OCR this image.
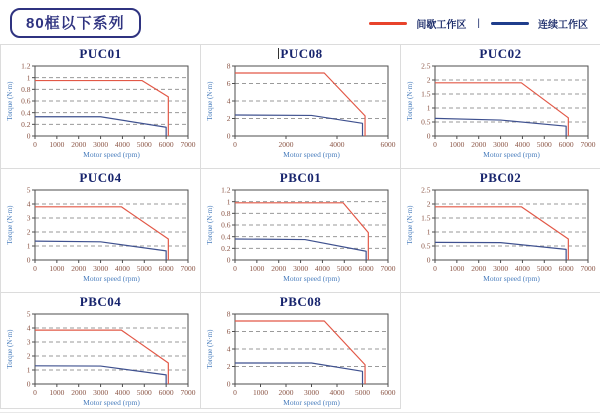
80框以下系列	间歇工作区 |	连续工作区
PUC01
0
0.2
0.4
0.6
0.8
1
1.2
0 1000 2000 3000 4000 5000 6000 7000
Motor speed (rpm)
Torque (N·m)
PUC08
0
2
4
6
8
0	2000	4000	6000
Motor speed (rpm)
Torque (N·m)
PUC02
0
0.5
1
1.5
2
2.5
0 1000 2000 3000 4000 5000 6000 7000
Motor speed (rpm)
Torque (N·m)
PUC04
0
1
2
3
4
5
0 1000 2000 3000 4000 5000 6000 7000
Motor speed (rpm)
Torque (N·m)
PBC01
0
0.2
0.4
0.6
0.8
1
1.2
0 1000 2000 3000 4000 5000 6000 7000
Motor speed (rpm)
Torque (N·m)
PBC02
0
0.5
1
1.5
2
2.5
0 1000 2000 3000 4000 5000 6000 7000
Motor speed (rpm)
Torque (N·m)
PBC04
0
1
2
3
4
5
0 1000 2000 3000 4000 5000 6000 7000
Motor speed (rpm)
Torque (N·m)
PBC08
0
2
4
6
8
0 1000 2000 3000 4000 5000 6000
Motor speed (rpm)
Torque (N·m)
